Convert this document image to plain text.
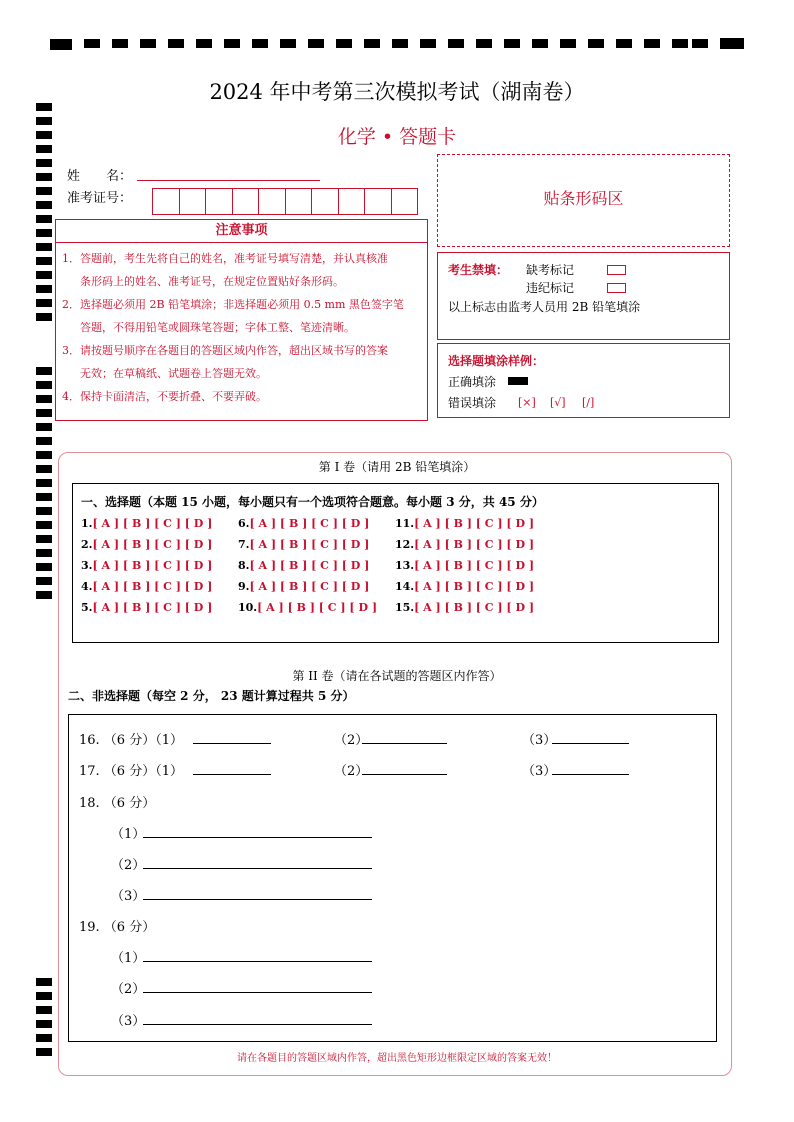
2024 年中考第三次模拟考试（湖南卷）
化学 • 答题卡
姓　　名：
准考证号：
注意事项
1．答题前，考生先将自己的姓名，准考证号填写清楚，并认真核准
条形码上的姓名、准考证号，在规定位置贴好条形码。
2．选择题必须用 2B 铅笔填涂；非选择题必须用 0.5 mm 黑色签字笔
答题，不得用铅笔或圆珠笔答题；字体工整、笔迹清晰。
3．请按题号顺序在各题目的答题区域内作答，超出区域书写的答案
无效；在草稿纸、试题卷上答题无效。
4．保持卡面清洁，不要折叠、不要弄破。
贴条形码区
考生禁填： 缺考标记
违纪标记
以上标志由监考人员用 2B 铅笔填涂
选择题填涂样例：
正确填涂
错误填涂 [×] [√] [/]
第 I 卷（请用 2B 铅笔填涂）
一、选择题（本题 15 小题，每小题只有一个选项符合题意。每小题 3 分，共 45 分）
1.[ A ] [ B ] [ C ] [ D ]
2.[ A ] [ B ] [ C ] [ D ]
3.[ A ] [ B ] [ C ] [ D ]
4.[ A ] [ B ] [ C ] [ D ]
5.[ A ] [ B ] [ C ] [ D ]
6.[ A ] [ B ] [ C ] [ D ]
7.[ A ] [ B ] [ C ] [ D ]
8.[ A ] [ B ] [ C ] [ D ]
9.[ A ] [ B ] [ C ] [ D ]
10.[ A ] [ B ] [ C ] [ D ]
11.[ A ] [ B ] [ C ] [ D ]
12.[ A ] [ B ] [ C ] [ D ]
13.[ A ] [ B ] [ C ] [ D ]
14.[ A ] [ B ] [ C ] [ D ]
15.[ A ] [ B ] [ C ] [ D ]
第 II 卷（请在各试题的答题区内作答）
二、非选择题（每空 2 分， 23 题计算过程共 5 分）
16. （6 分）（1）	（2）	（3）
17. （6 分）（1）	（2）	（3）
18. （6 分）
（1）
（2）
（3）
19. （6 分）
（1）
（2）
（3）
请在各题目的答题区域内作答，超出黑色矩形边框限定区域的答案无效！
